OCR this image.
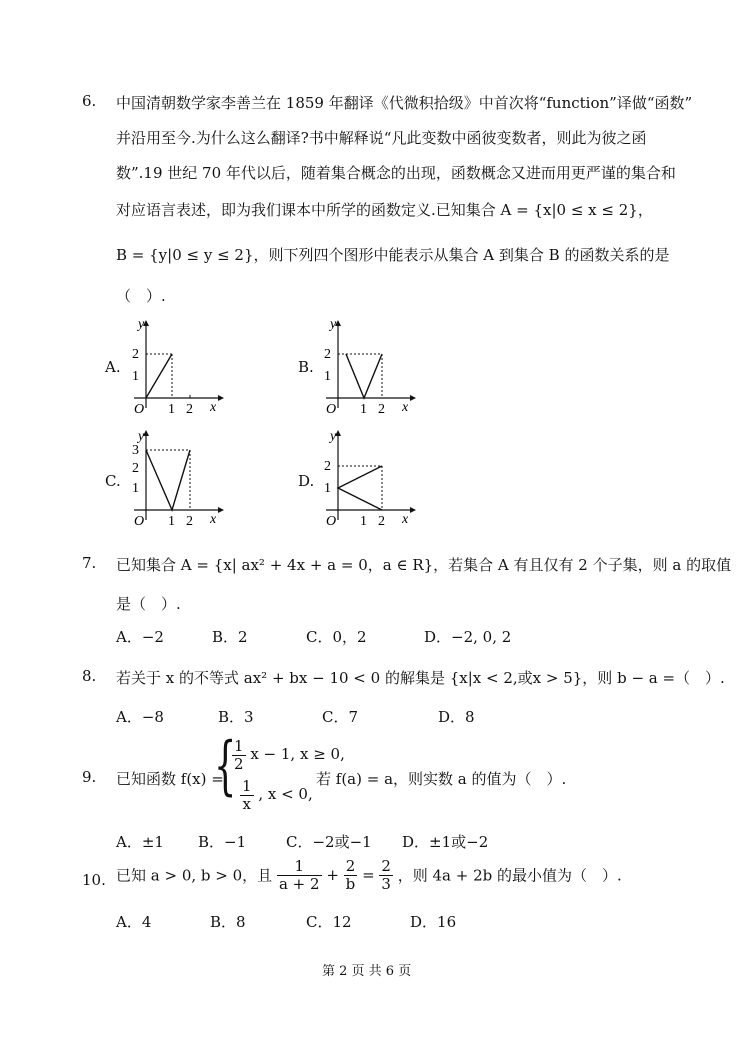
6. 中国清朝数学家李善兰在 1859 年翻译《代微积拾级》中首次将“function”译做“函数”
并沿用至今.为什么这么翻译?书中解释说“凡此变数中函彼变数者，则此为彼之函
数”.19 世纪 70 年代以后，随着集合概念的出现，函数概念又进而用更严谨的集合和
对应语言表述，即为我们课本中所学的函数定义.已知集合 A = {x|0 ≤ x ≤ 2}，
B = {y|0 ≤ y ≤ 2}，则下列四个图形中能表示从集合 A 到集合 B 的函数关系的是
（　）.
A.
y
2
1
O 1 2 x
B.
y
2
1
O 1 2 x
C.
y
3
2
1
O 1 2 x
D.
y
2
1
O 1 2 x
7. 已知集合 A = {x| ax² + 4x + a = 0，a ∈ R}，若集合 A 有且仅有 2 个子集，则 a 的取值
是（　）.
A．−2	B．2	C．0，2	D．−2, 0, 2
8. 若关于 x 的不等式 ax² + bx − 10 < 0 的解集是 {x|x < 2,或x > 5}，则 b − a =（　）.
A．−8	B．3	C．7	D．8
9. 已知函数 f(x) =
{
$\frac{1}{2}$ x − 1, x ≥ 0,
$\frac{1}{x}$ , x < 0,
若 f(a) = a，则实数 a 的值为（　）.
A．±1 B．−1	C．−2或−1 D．±1或−2
10. 已知 a > 0, b > 0，且 $\frac{1}{a + 2} + \frac{2}{b} = \frac{2}{3}$ ，则 4a + 2b 的最小值为（　）.
A．4	B．8	C．12	D．16
第 2 页 共 6 页
